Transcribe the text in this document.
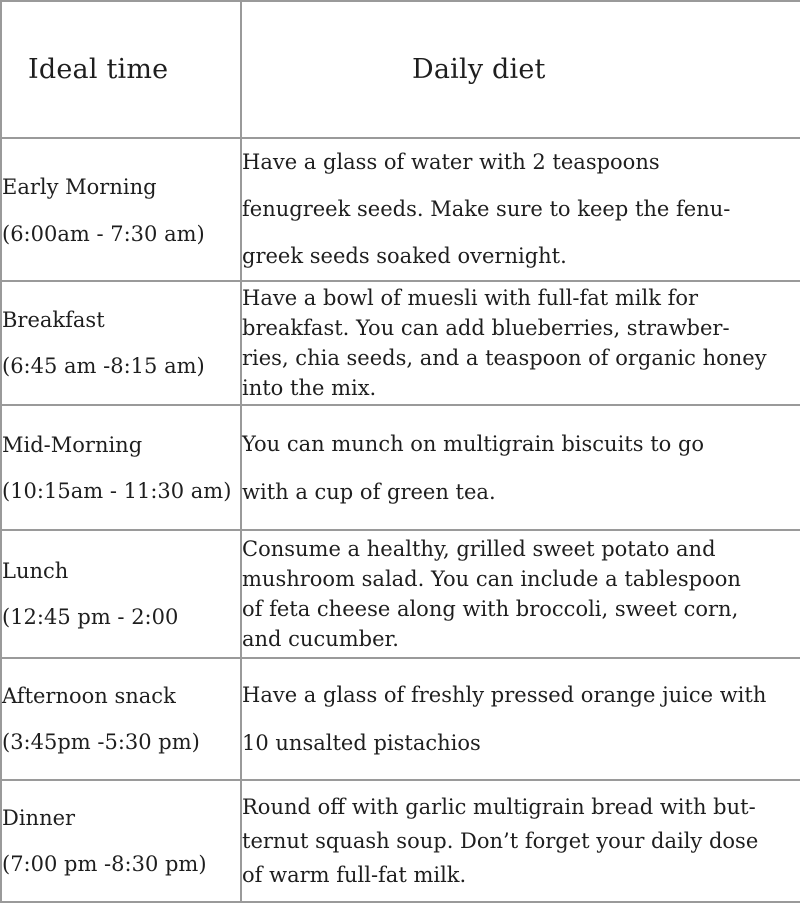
Ideal time	Daily diet

Early Morning
(6:00am - 7:30 am)	Have a glass of water with 2 teaspoons
fenugreek seeds. Make sure to keep the fenu-
greek seeds soaked overnight.

Breakfast
(6:45 am -8:15 am)	Have a bowl of muesli with full-fat milk for
breakfast. You can add blueberries, strawber-
ries, chia seeds, and a teaspoon of organic honey
into the mix.

Mid-Morning
(10:15am - 11:30 am)	You can munch on multigrain biscuits to go
with a cup of green tea.

Lunch
(12:45 pm - 2:00	Consume a healthy, grilled sweet potato and
mushroom salad. You can include a tablespoon
of feta cheese along with broccoli, sweet corn,
and cucumber.

Afternoon snack
(3:45pm -5:30 pm)	Have a glass of freshly pressed orange juice with
10 unsalted pistachios

Dinner
(7:00 pm -8:30 pm)	Round off with garlic multigrain bread with but-
ternut squash soup. Don’t forget your daily dose
of warm full-fat milk.
